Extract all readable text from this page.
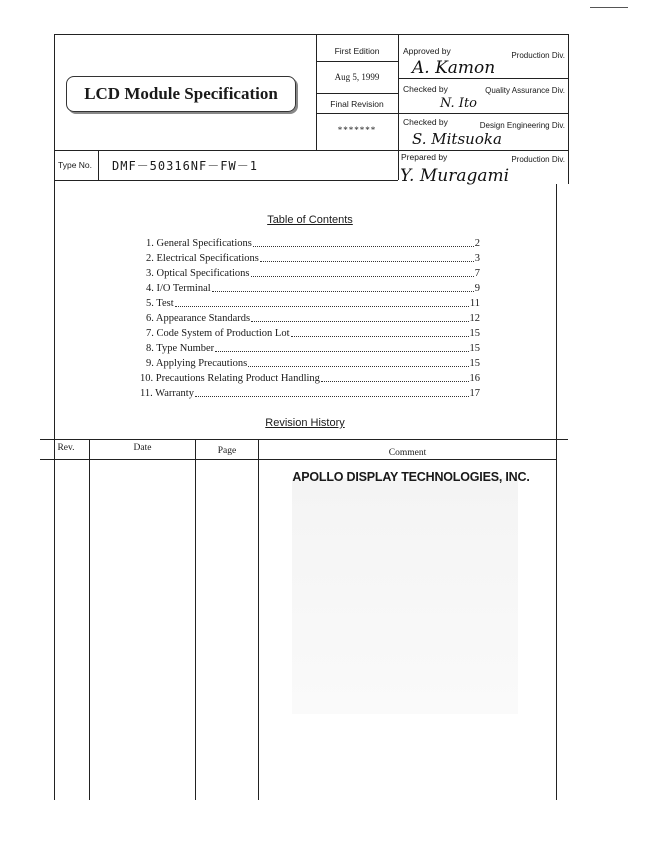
LCD Module Specification
First Edition
Aug 5, 1999
Final Revision
*******
Approved by	Production Div.
A. Kamon
Checked by	Quality Assurance Div.
N. Ito
Checked by	Design Engineering Div.
S. Mitsuoka
Prepared by	Production Div.
Y. Muragami
Type No. DMF－50316NF－FW－1
Table of Contents
1. General Specifications	2
2. Electrical Specifications	3
3. Optical Specifications	7
4. I/O Terminal	9
5. Test	11
6. Appearance Standards	12
7. Code System of Production Lot	15
8. Type Number	15
9. Applying Precautions	15
10. Precautions Relating Product Handling	16
11. Warranty	17
Revision History
Rev.	Date	Page	Comment
APOLLO DISPLAY TECHNOLOGIES, INC.
